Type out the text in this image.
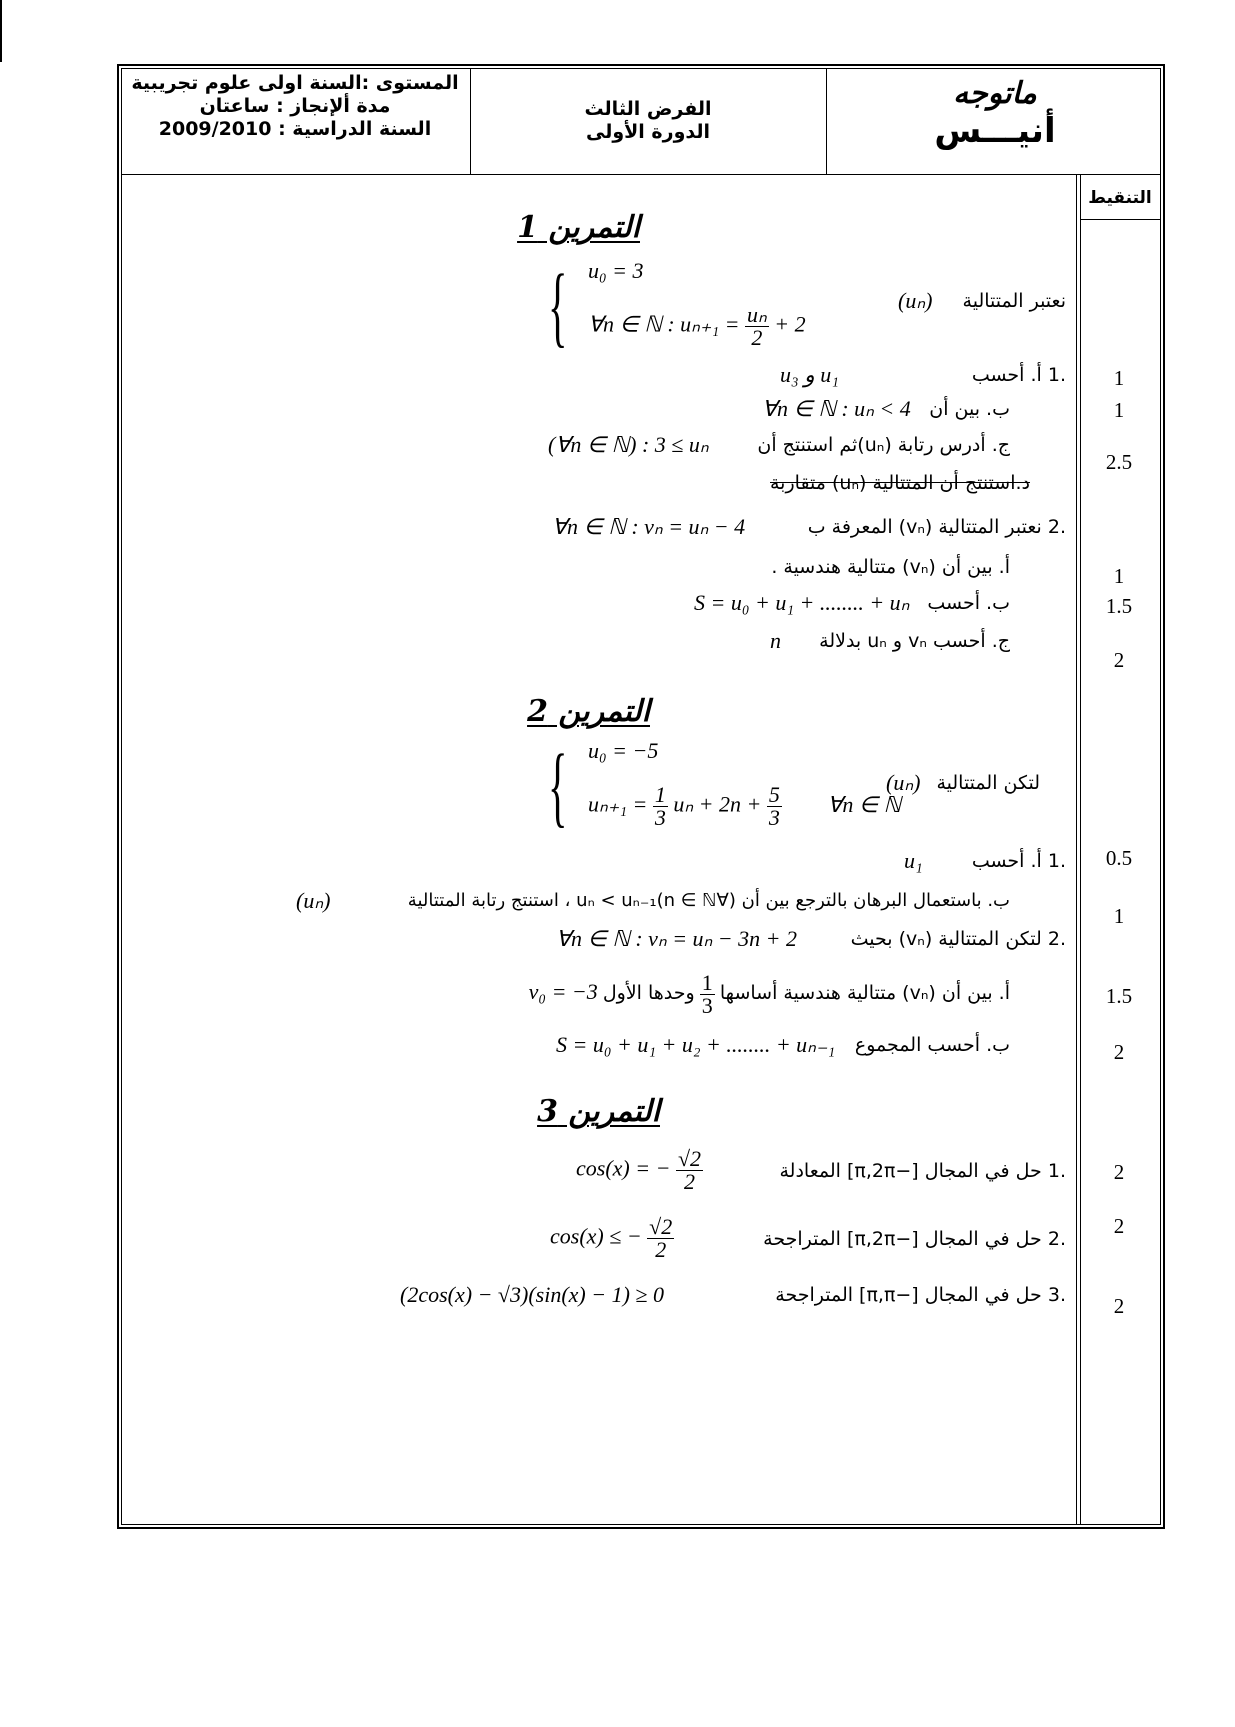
المستوى :السنة اولى علوم تجريبية
مدة ألإنجاز : ساعتان
السنة الدراسية : 2009/2010
الفرض الثالث
الدورة الأولى
ماتوجه
أنيـــس
التنقيط
التمرين 1
نعتبر المتتالية
(uₙ)
{ u₀ = 3
∀n ∈ ℕ : $u_{n+1} = \frac{\text{uₙ}}{2} + 2$
.1 أ. أحسب
u₃ و u₁
ب. بين أن
∀n ∈ ℕ : uₙ < 4
ج. أدرس رتابة (uₙ)ثم استنتج أن
(∀n ∈ ℕ) : 3 ≤ uₙ
د.استنتج أن المتتالية (uₙ) متقاربة
.2 نعتبر المتتالية (vₙ) المعرفة ب
∀n ∈ ℕ : vₙ = uₙ − 4
أ. بين أن (vₙ) متتالية هندسية .
ب. أحسب
S = u₀ + u₁ + ........ + uₙ
ج. أحسب vₙ و uₙ بدلالة
n
التمرين 2
لتكن المتتالية
(uₙ)
{ u₀ = −5
$u_{n+1} = \frac{1}{3}$ $u_n + 2n + \frac{5}{3}$ ∀n ∈ ℕ
.1 أ. أحسب
u₁
ب. باستعمال البرهان بالترجع بين أن (∀n ∈ ℕ)uₙ < uₙ₋₁ ، استنتج رتابة المتتالية
(uₙ)
.2 لتكن المتتالية (vₙ) بحيث
∀n ∈ ℕ : vₙ = uₙ − 3n + 2
أ. بين أن (vₙ) متتالية هندسية أساسها
$\frac{1}{3}$
وحدها الأول v₀ = −3
ب. أحسب المجموع
S = u₀ + u₁ + u₂ + ........ + uₙ₋₁
التمرين 3
.1 حل في المجال [−π,2π] المعادلة
cos(x) = − $\frac{√2}{2}$
.2 حل في المجال [−π,2π] المتراجحة
cos(x) ≤ − $\frac{√2}{2}$
.3 حل في المجال [−π,π] المتراجحة
(2cos(x) − √3)(sin(x) − 1) ≥ 0
1
1
2.5
1
1.5
2
0.5
1
1.5
2
2
2
2
